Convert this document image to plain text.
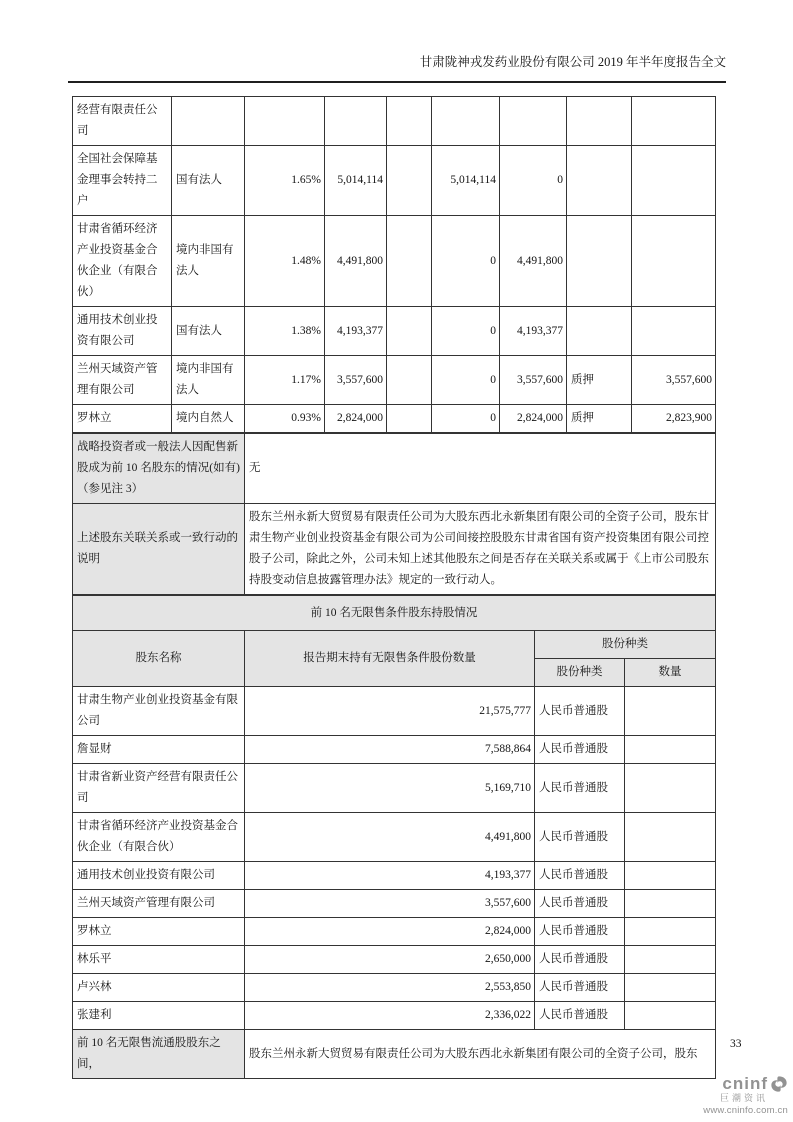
甘肃陇神戎发药业股份有限公司 2019 年半年度报告全文
经营有限责任公司								
全国社会保障基金理事会转持二户	国有法人	1.65%	5,014,114		5,014,114	0		
甘肃省循环经济产业投资基金合伙企业（有限合伙）	境内非国有法人	1.48%	4,491,800		0	4,491,800		
通用技术创业投资有限公司	国有法人	1.38%	4,193,377		0	4,193,377		
兰州天域资产管理有限公司	境内非国有法人	1.17%	3,557,600		0	3,557,600	质押	3,557,600
罗林立	境内自然人	0.93%	2,824,000		0	2,824,000	质押	2,823,900
战略投资者或一般法人因配售新股成为前 10 名股东的情况(如有)（参见注 3）		无						
上述股东关联关系或一致行动的说明		股东兰州永新大贸贸易有限责任公司为大股东西北永新集团有限公司的全资子公司，股东甘肃生物产业创业投资基金有限公司为公司间接控股股东甘肃省国有资产投资集团有限公司控股子公司，除此之外，公司未知上述其他股东之间是否存在关联关系或属于《上市公司股东持股变动信息披露管理办法》规定的一致行动人。						
前 10 名无限售条件股东持股情况			
股东名称	报告期末持有无限售条件股份数量	股份种类	
		股份种类	数量
甘肃生物产业创业投资基金有限公司	21,575,777	人民币普通股	
詹显财	7,588,864	人民币普通股	
甘肃省新业资产经营有限责任公司	5,169,710	人民币普通股	
甘肃省循环经济产业投资基金合伙企业（有限合伙）	4,491,800	人民币普通股	
通用技术创业投资有限公司	4,193,377	人民币普通股	
兰州天域资产管理有限公司	3,557,600	人民币普通股	
罗林立	2,824,000	人民币普通股	
林乐平	2,650,000	人民币普通股	
卢兴林	2,553,850	人民币普通股	
张建利	2,336,022	人民币普通股	
前 10 名无限售流通股股东之间，	股东兰州永新大贸贸易有限责任公司为大股东西北永新集团有限公司的全资子公司，股东		
33
cninf
巨潮资讯
www.cninfo.com.cn
